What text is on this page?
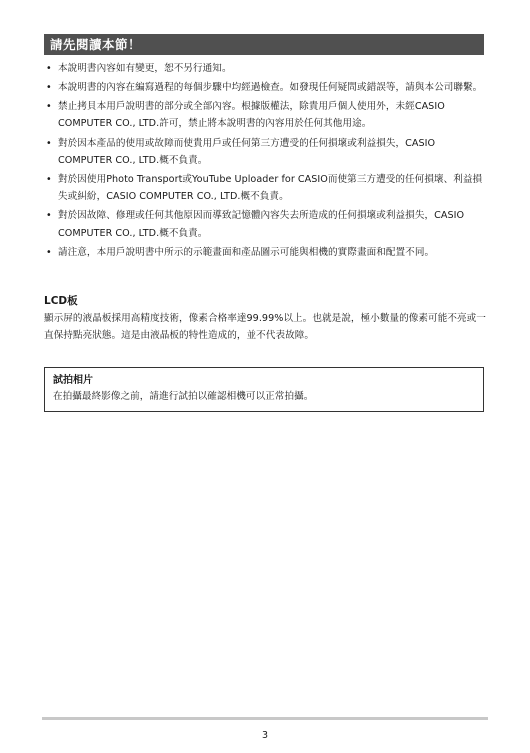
請先閱讀本節！
• 本說明書內容如有變更，恕不另行通知。
• 本說明書的內容在編寫過程的每個步驟中均經過檢查。如發現任何疑問或錯誤等，請與本公司聯繫。
• 禁止拷貝本用戶說明書的部分或全部內容。根據版權法，除貴用戶個人使用外，未經CASIO COMPUTER CO., LTD.許可，禁止將本說明書的內容用於任何其他用途。
• 對於因本產品的使用或故障而使貴用戶或任何第三方遭受的任何損壞或利益損失，CASIO COMPUTER CO., LTD.概不負責。
• 對於因使用Photo Transport或YouTube Uploader for CASIO而使第三方遭受的任何損壞、利益損失或糾紛，CASIO COMPUTER CO., LTD.概不負責。
• 對於因故障、修理或任何其他原因而導致記憶體內容失去所造成的任何損壞或利益損失，CASIO COMPUTER CO., LTD.概不負責。
• 請注意，本用戶說明書中所示的示範畫面和產品圖示可能與相機的實際畫面和配置不同。
LCD板
顯示屏的液晶板採用高精度技術，像素合格率達99.99%以上。也就是說，極小數量的像素可能不亮或一直保持點亮狀態。這是由液晶板的特性造成的，並不代表故障。
試拍相片
在拍攝最終影像之前，請進行試拍以確認相機可以正常拍攝。
3
